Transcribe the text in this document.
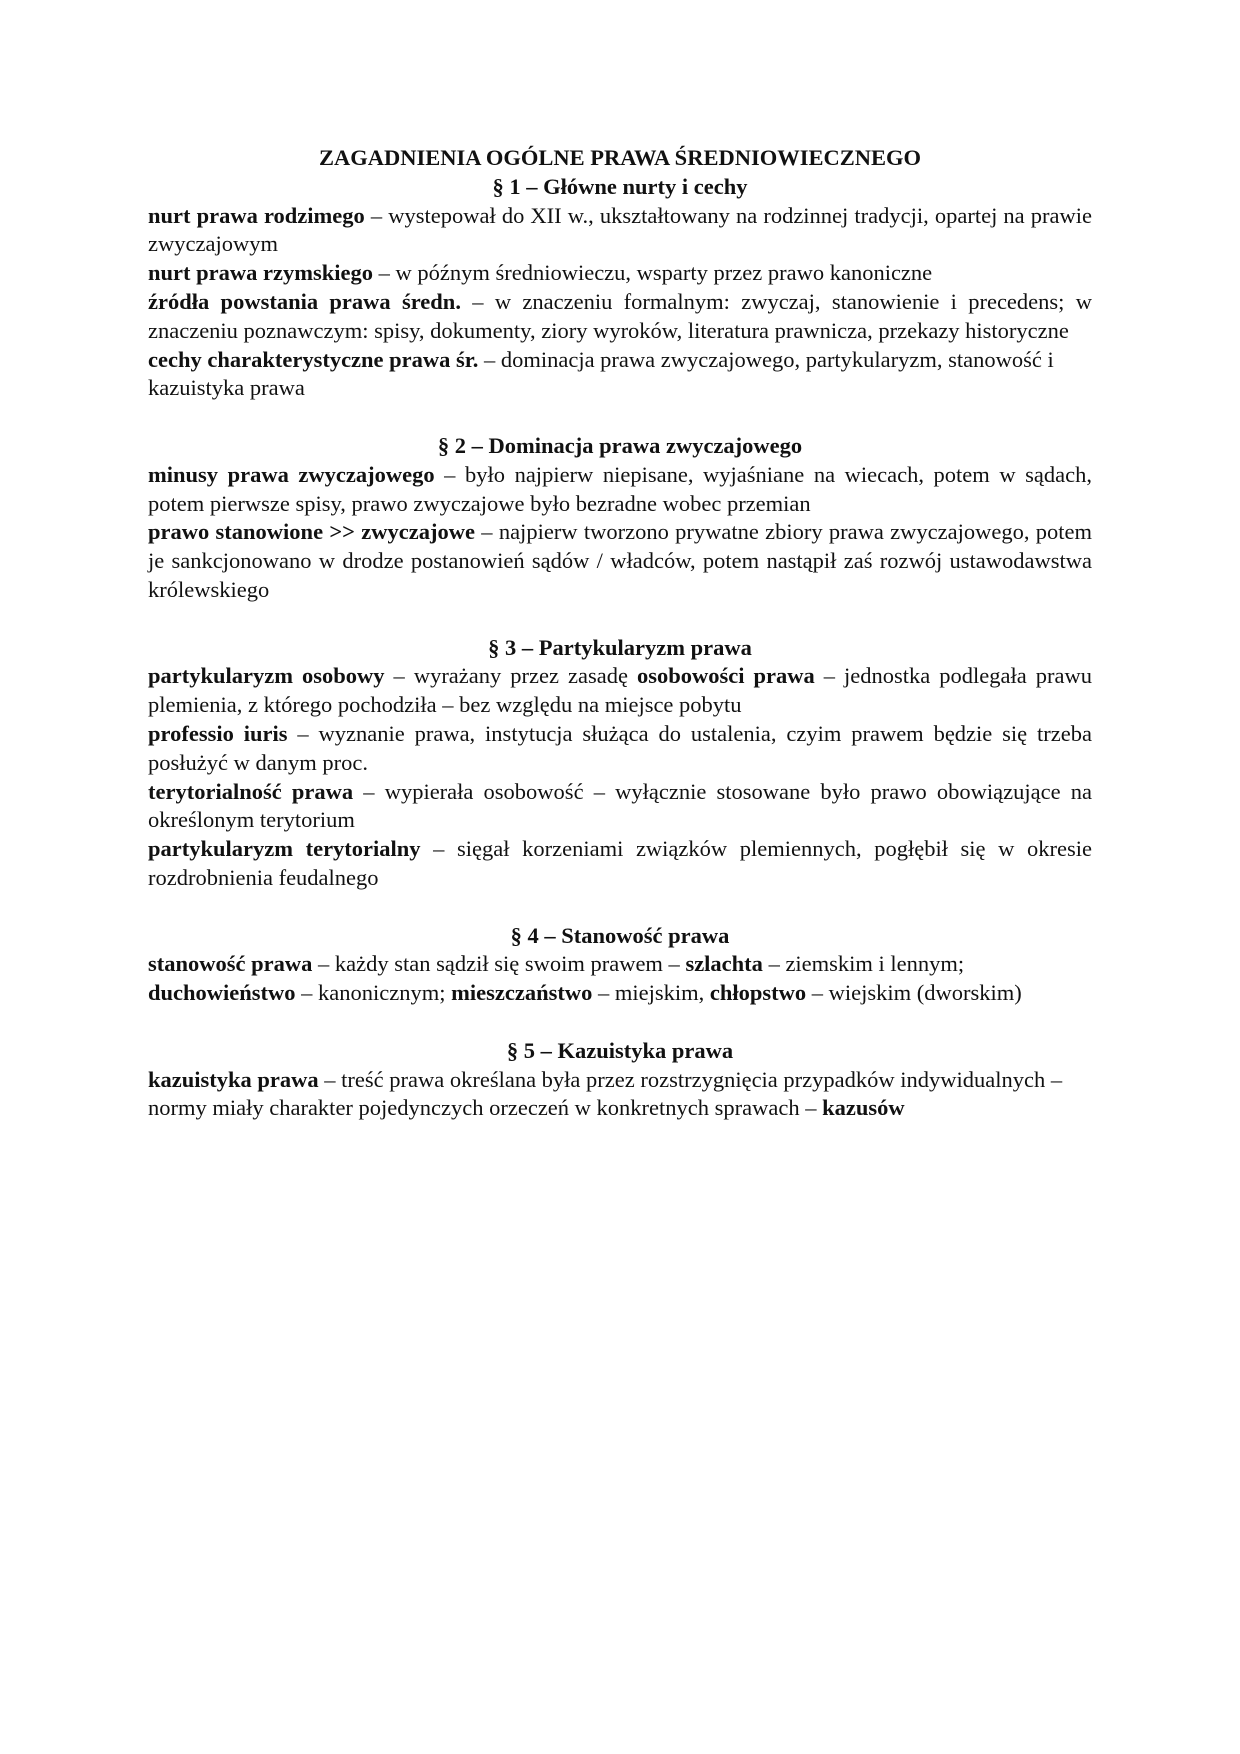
ZAGADNIENIA OGÓLNE PRAWA ŚREDNIOWIECZNEGO

§ 1 – Główne nurty i cechy

nurt prawa rodzimego – wystepował do XII w., ukształtowany na rodzinnej tradycji, opartej na prawie zwyczajowym

nurt prawa rzymskiego – w późnym średniowieczu, wsparty przez prawo kanoniczne

źródła powstania prawa średn. – w znaczeniu formalnym: zwyczaj, stanowienie i precedens; w znaczeniu poznawczym: spisy, dokumenty, ziory wyroków, literatura prawnicza, przekazy historyczne

cechy charakterystyczne prawa śr. – dominacja prawa zwyczajowego, partykularyzm, stanowość i kazuistyka prawa

§ 2 – Dominacja prawa zwyczajowego

minusy prawa zwyczajowego – było najpierw niepisane, wyjaśniane na wiecach, potem w sądach, potem pierwsze spisy, prawo zwyczajowe było bezradne wobec przemian

prawo stanowione >> zwyczajowe – najpierw tworzono prywatne zbiory prawa zwyczajowego, potem je sankcjonowano w drodze postanowień sądów / władców, potem nastąpił zaś rozwój ustawodawstwa królewskiego

§ 3 – Partykularyzm prawa

partykularyzm osobowy – wyrażany przez zasadę osobowości prawa – jednostka podlegała prawu plemienia, z którego pochodziła – bez względu na miejsce pobytu

professio iuris – wyznanie prawa, instytucja służąca do ustalenia, czyim prawem będzie się trzeba posłużyć w danym proc.

terytorialność prawa – wypierała osobowość – wyłącznie stosowane było prawo obowiązujące na określonym terytorium

partykularyzm terytorialny – sięgał korzeniami związków plemiennych, pogłębił się w okresie rozdrobnienia feudalnego

§ 4 – Stanowość prawa

stanowość prawa – każdy stan sądził się swoim prawem – szlachta – ziemskim i lennym; duchowieństwo – kanonicznym; mieszczaństwo – miejskim, chłopstwo – wiejskim (dworskim)

§ 5 – Kazuistyka prawa

kazuistyka prawa – treść prawa określana była przez rozstrzygnięcia przypadków indywidualnych – normy miały charakter pojedynczych orzeczeń w konkretnych sprawach – kazusów
